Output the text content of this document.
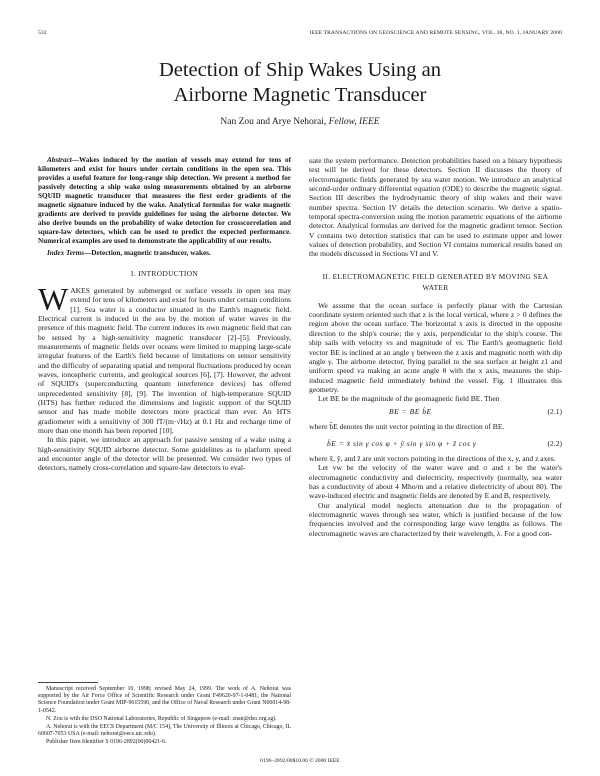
532	IEEE TRANSACTIONS ON GEOSCIENCE AND REMOTE SENSING, VOL. 38, NO. 1, JANUARY 2000
Detection of Ship Wakes Using an
Airborne Magnetic Transducer
Nan Zou and Arye Nehorai, Fellow, IEEE

Abstract—Wakes induced by the motion of vessels may extend for tens of kilometers and exist for hours under certain conditions in the open sea. This provides a useful feature for long-range ship detection. We present a method for passively detecting a ship wake using measurements obtained by an airborne SQUID magnetic transducer that measures the first order gradients of the magnetic signature induced by the wake. Analytical formulas for wake magnetic gradients are derived to provide guidelines for using the airborne detector. We also derive bounds on the probability of wake detection for crosscorrelation and square-law detectors, which can be used to predict the expected performance. Numerical examples are used to demonstrate the applicability of our results.

Index Terms—Detection, magnetic transducer, wakes.

I. INTRODUCTION

WAKES generated by submerged or surface vessels in open sea may extend for tens of kilometers and exist for hours under certain conditions [1]. Sea water is a conductor situated in the Earth's magnetic field. Electrical current is induced in the sea by the motion of water waves in the presence of this magnetic field. The current induces its own magnetic field that can be sensed by a high-sensitivity magnetic transducer [2]–[5]. Previously, measurements of magnetic fields over oceans were limited to mapping large-scale irregular features of the Earth's field because of limitations on sensor sensitivity and the difficulty of separating spatial and temporal fluctuations produced by ocean waves, ionospheric currents, and geological sources [6], [7]. However, the advent of SQUID's (superconducting quantum interference devices) has offered unprecedented sensitivity [8], [9]. The invention of high-temperature SQUID (HTS) has further reduced the dimensions and logistic support of the SQUID sensor and has made mobile detectors more practical than ever. An HTS gradiometer with a sensitivity of 300 fT/(m·√Hz) at 0.1 Hz and recharge time of more than one month has been reported [10].

In this paper, we introduce an approach for passive sensing of a wake using a high-sensitivity SQUID airborne detector. Some guidelines as to platform speed and encounter angle of the detector will be presented. We consider two types of detectors, namely cross-correlation and square-law detectors to eval-

uate the system performance. Detection probabilities based on a binary hypothesis test will be derived for these detectors. Section II discusses the theory of electromagnetic fields generated by sea water motion. We introduce an analytical second-order ordinary differential equation (ODE) to describe the magnetic signal. Section III describes the hydrodynamic theory of ship wakes and their wave number spectra. Section IV details the detection scenario. We derive a spatio-temporal spectra-conversion using the motion parametric equations of the airborne detector. Analytical formulas are derived for the magnetic gradient tensor. Section V contains two detection statistics that can be used to estimate upper and lower values of detection probability, and Section VI contains numerical results based on the models discussed in Sections VI and V.

II. ELECTROMAGNETIC FIELD GENERATED BY MOVING SEA WATER

We assume that the ocean surface is perfectly planar with the Cartesian coordinate system oriented such that z is the local vertical, where z > 0 defines the region above the ocean surface. The horizontal x axis is directed in the opposite direction to the ship's course; the y axis, perpendicular to the ship's course. The ship sails with velocity vs and magnitude of vs. The Earth's geomagnetic field vector BE is inclined at an angle γ between the z axis and magnetic north with dip angle γ. The airborne detector, flying parallel to the sea surface at height z1 and uniform speed va making an acute angle θ with the x axis, measures the ship-induced magnetic field immediately behind the vessel. Fig. 1 illustrates this geometry.

Let BE be the magnitude of the geomagnetic field BE. Then

BE = BE b̂E	(2.1)

where b̂E denotes the unit vector pointing in the direction of BE.

b̂E = x̂ sin γ cos φ + ŷ sin γ sin φ + ẑ cos γ	(2.2)

where x̂, ŷ, and ẑ are unit vectors pointing in the directions of the x, y, and z axes.

Let vw be the velocity of the water wave and σ and ε be the water's electromagnetic conductivity and dielectricity, respectively (normally, sea water has a conductivity of about 4 Mho/m and a relative dielectricity of about 80). The wave-induced electric and magnetic fields are denoted by E and B, respectively.

Our analytical model neglects attenuation due to the propagation of electromagnetic waves through sea water, which is justified because of the low frequencies involved and the corresponding large wave lengths as follows. The electromagnetic waves are characterized by their wavelength, λ. For a good con-

Manuscript received September 10, 1998; revised May 24, 1999. The work of A. Nehorai was supported by the Air Force Office of Scientific Research under Grant F49620-97-1-0481, the National Science Foundation under Grant MIP-9615590, and the Office of Naval Research under Grant N00014-98-1-0542.

N. Zou is with the DSO National Laboratories, Republic of Singapore (e-mail: znan@dso.org.sg).

A. Nehorai is with the EECS Department (M/C 154), The University of Illinois at Chicago, Chicago, IL 60607-7053 USA (e-mail: nehorai@eecs.uic.edu).

Publisher Item Identifier S 0196-2892(00)00421-6.

0196–2892/00$10.00 © 2000 IEEE
